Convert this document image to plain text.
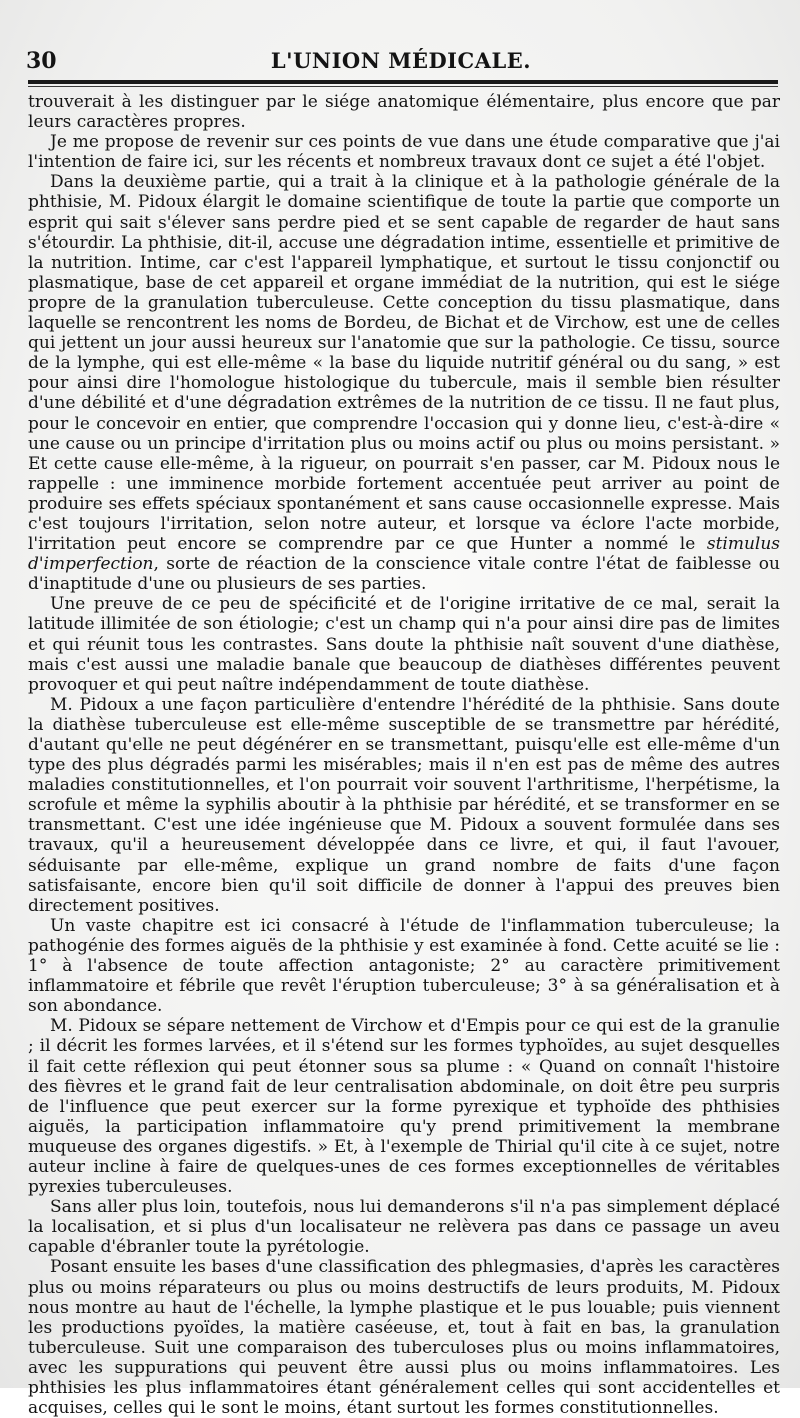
30	L'UNION MÉDICALE.

trouverait à les distinguer par le siége anatomique élémentaire, plus encore que par leurs caractères propres.

Je me propose de revenir sur ces points de vue dans une étude comparative que j'ai l'intention de faire ici, sur les récents et nombreux travaux dont ce sujet a été l'objet.

Dans la deuxième partie, qui a trait à la clinique et à la pathologie générale de la phthisie, M. Pidoux élargit le domaine scientifique de toute la partie que comporte un esprit qui sait s'élever sans perdre pied et se sent capable de regarder de haut sans s'étourdir. La phthisie, dit-il, accuse une dégradation intime, essentielle et primitive de la nutrition. Intime, car c'est l'appareil lymphatique, et surtout le tissu conjonctif ou plasmatique, base de cet appareil et organe immédiat de la nutrition, qui est le siége propre de la granulation tuberculeuse. Cette conception du tissu plasmatique, dans laquelle se rencontrent les noms de Bordeu, de Bichat et de Virchow, est une de celles qui jettent un jour aussi heureux sur l'anatomie que sur la pathologie. Ce tissu, source de la lymphe, qui est elle-même « la base du liquide nutritif général ou du sang, » est pour ainsi dire l'homologue histologique du tubercule, mais il semble bien résulter d'une débilité et d'une dégradation extrêmes de la nutrition de ce tissu. Il ne faut plus, pour le concevoir en entier, que comprendre l'occasion qui y donne lieu, c'est-à-dire « une cause ou un principe d'irritation plus ou moins actif ou plus ou moins persistant. » Et cette cause elle-même, à la rigueur, on pourrait s'en passer, car M. Pidoux nous le rappelle : une imminence morbide fortement accentuée peut arriver au point de produire ses effets spéciaux spontanément et sans cause occasionnelle expresse. Mais c'est toujours l'irritation, selon notre auteur, et lorsque va éclore l'acte morbide, l'irritation peut encore se comprendre par ce que Hunter a nommé le stimulus d'imperfection, sorte de réaction de la conscience vitale contre l'état de faiblesse ou d'inaptitude d'une ou plusieurs de ses parties.

Une preuve de ce peu de spécificité et de l'origine irritative de ce mal, serait la latitude illimitée de son étiologie; c'est un champ qui n'a pour ainsi dire pas de limites et qui réunit tous les contrastes. Sans doute la phthisie naît souvent d'une diathèse, mais c'est aussi une maladie banale que beaucoup de diathèses différentes peuvent provoquer et qui peut naître indépendamment de toute diathèse.

M. Pidoux a une façon particulière d'entendre l'hérédité de la phthisie. Sans doute la diathèse tuberculeuse est elle-même susceptible de se transmettre par hérédité, d'autant qu'elle ne peut dégénérer en se transmettant, puisqu'elle est elle-même d'un type des plus dégradés parmi les misérables; mais il n'en est pas de même des autres maladies constitutionnelles, et l'on pourrait voir souvent l'arthritisme, l'herpétisme, la scrofule et même la syphilis aboutir à la phthisie par hérédité, et se transformer en se transmettant. C'est une idée ingénieuse que M. Pidoux a souvent formulée dans ses travaux, qu'il a heureusement développée dans ce livre, et qui, il faut l'avouer, séduisante par elle-même, explique un grand nombre de faits d'une façon satisfaisante, encore bien qu'il soit difficile de donner à l'appui des preuves bien directement positives.

Un vaste chapitre est ici consacré à l'étude de l'inflammation tuberculeuse; la pathogénie des formes aiguës de la phthisie y est examinée à fond. Cette acuité se lie : 1° à l'absence de toute affection antagoniste; 2° au caractère primitivement inflammatoire et fébrile que revêt l'éruption tuberculeuse; 3° à sa généralisation et à son abondance.

M. Pidoux se sépare nettement de Virchow et d'Empis pour ce qui est de la granulie ; il décrit les formes larvées, et il s'étend sur les formes typhoïdes, au sujet desquelles il fait cette réflexion qui peut étonner sous sa plume : « Quand on connaît l'histoire des fièvres et le grand fait de leur centralisation abdominale, on doit être peu surpris de l'influence que peut exercer sur la forme pyrexique et typhoïde des phthisies aiguës, la participation inflammatoire qu'y prend primitivement la membrane muqueuse des organes digestifs. » Et, à l'exemple de Thirial qu'il cite à ce sujet, notre auteur incline à faire de quelques-unes de ces formes exceptionnelles de véritables pyrexies tuberculeuses.

Sans aller plus loin, toutefois, nous lui demanderons s'il n'a pas simplement déplacé la localisation, et si plus d'un localisateur ne relèvera pas dans ce passage un aveu capable d'ébranler toute la pyrétologie.

Posant ensuite les bases d'une classification des phlegmasies, d'après les caractères plus ou moins réparateurs ou plus ou moins destructifs de leurs produits, M. Pidoux nous montre au haut de l'échelle, la lymphe plastique et le pus louable; puis viennent les productions pyoïdes, la matière caséeuse, et, tout à fait en bas, la granulation tuberculeuse. Suit une comparaison des tuberculoses plus ou moins inflammatoires, avec les suppurations qui peuvent être aussi plus ou moins inflammatoires. Les phthisies les plus inflammatoires étant généralement celles qui sont accidentelles et acquises, celles qui le sont le moins, étant surtout les formes constitutionnelles.
